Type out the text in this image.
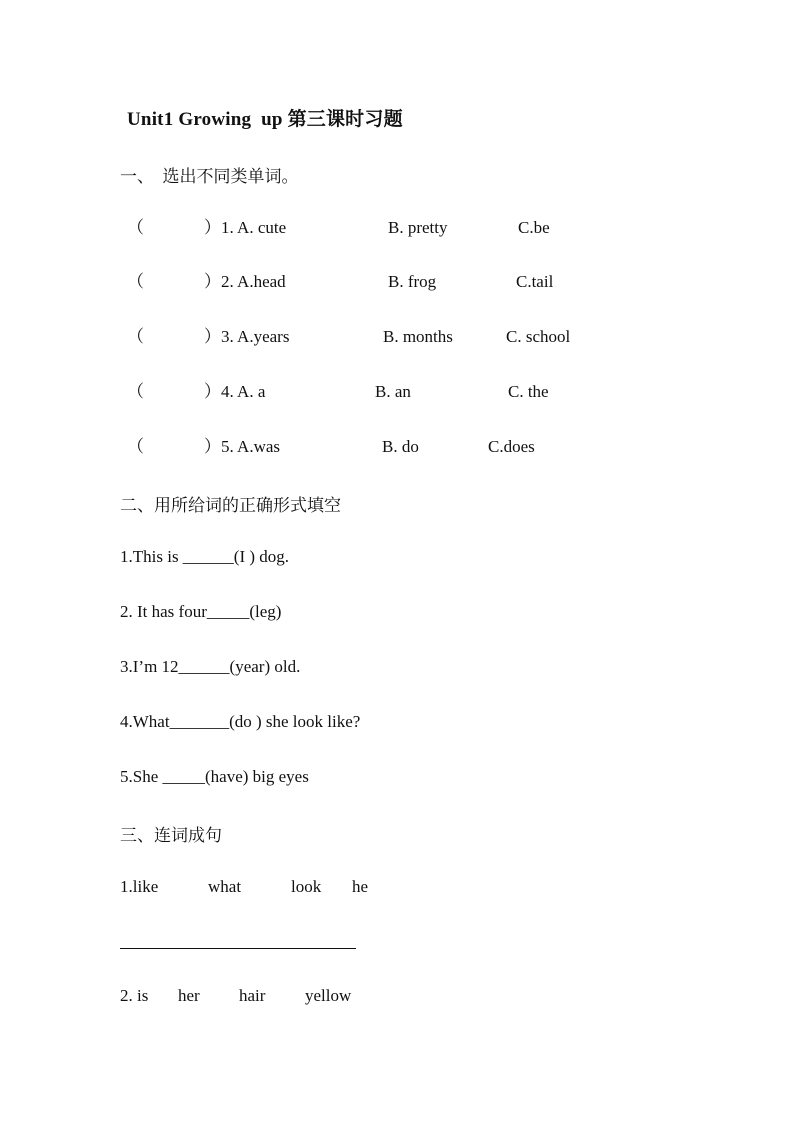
Unit1 Growing  up 第三课时习题
一、  选出不同类单词。
（	）1. A. cute	B. pretty	C.be
（	）2. A.head	B. frog	C.tail
（	）3. A.years	B. months	C. school
（	）4. A. a	B. an	C. the
（	）5. A.was	B. do	C.does
二、用所给词的正确形式填空
1.This is ______(I ) dog.
2. It has four_____(leg)
3.I’m 12______(year) old.
4.What_______(do ) she look like?
5.She _____(have) big eyes
三、连词成句
1.like	what	look he
2. is her hair yellow
